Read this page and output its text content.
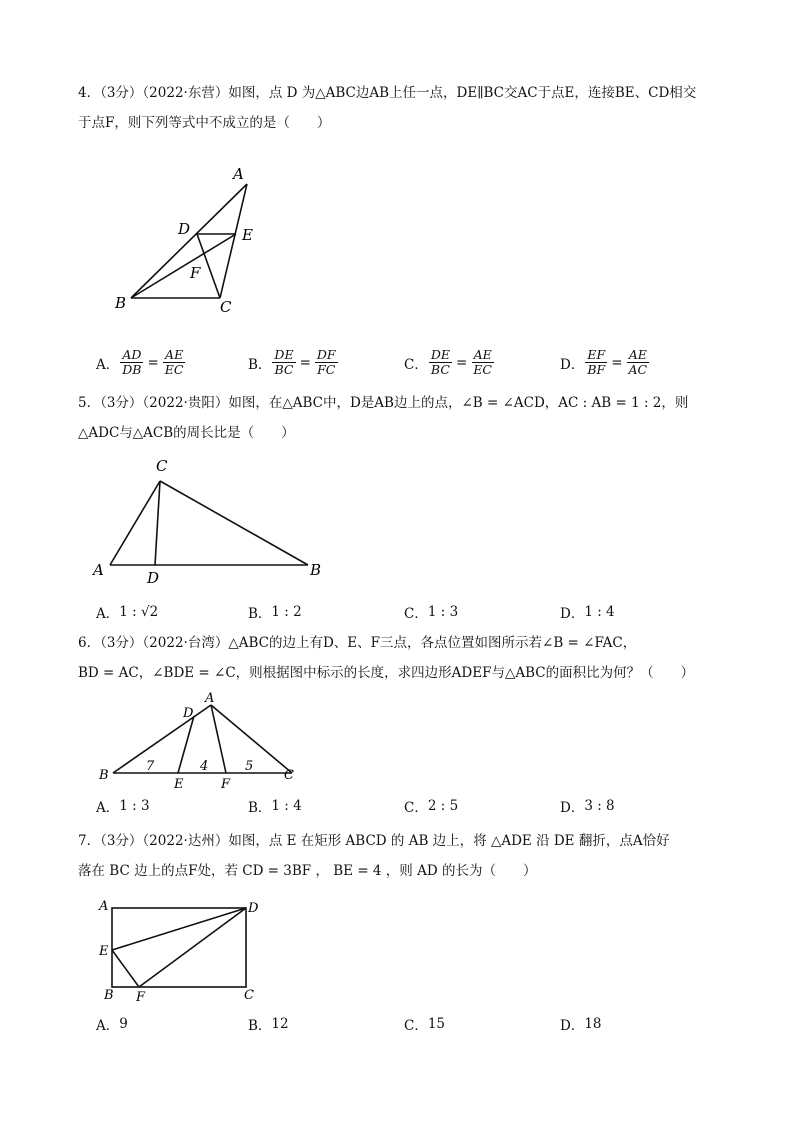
4．（3分）（2022·东营）如图，点 D 为△ABC边AB上任一点，DE∥BC交AC于点E，连接BE、CD相交

于点F，则下列等式中不成立的是（　　）

A
D	E
F
B	C
A． $\frac{AD}{DB} = \frac{AE}{EC}$	B． $\frac{DE}{BC} = \frac{DF}{FC}$	C． $\frac{DE}{BC} = \frac{AE}{EC}$	D． $\frac{EF}{BF} = \frac{AE}{AC}$

5．（3分）（2022·贵阳）如图，在△ABC中，D是AB边上的点，∠B = ∠ACD，AC : AB = 1 : 2，则

△ADC与△ACB的周长比是（　　）

C
A	D	B
A． 1 : √2	B． 1 : 2	C． 1 : 3	D． 1 : 4

6．（3分）（2022·台湾）△ABC的边上有D、E、F三点，各点位置如图所示若∠B = ∠FAC，

BD = AC，∠BDE = ∠C，则根据图中标示的长度，求四边形ADEF与△ABC的面积比为何？（　　）

A
D
B
E	F
C
7	4	5
A． 1 : 3	B． 1 : 4	C． 2 : 5	D． 3 : 8

7．（3分）（2022·达州）如图，点 E 在矩形 ABCD 的 AB 边上，将 △ADE 沿 DE 翻折，点A恰好

落在 BC 边上的点F处，若 CD = 3BF ， BE = 4 ，则 AD 的长为（　　）

A	D
E
B F	C
A． 9	B． 12	C． 15	D． 18
